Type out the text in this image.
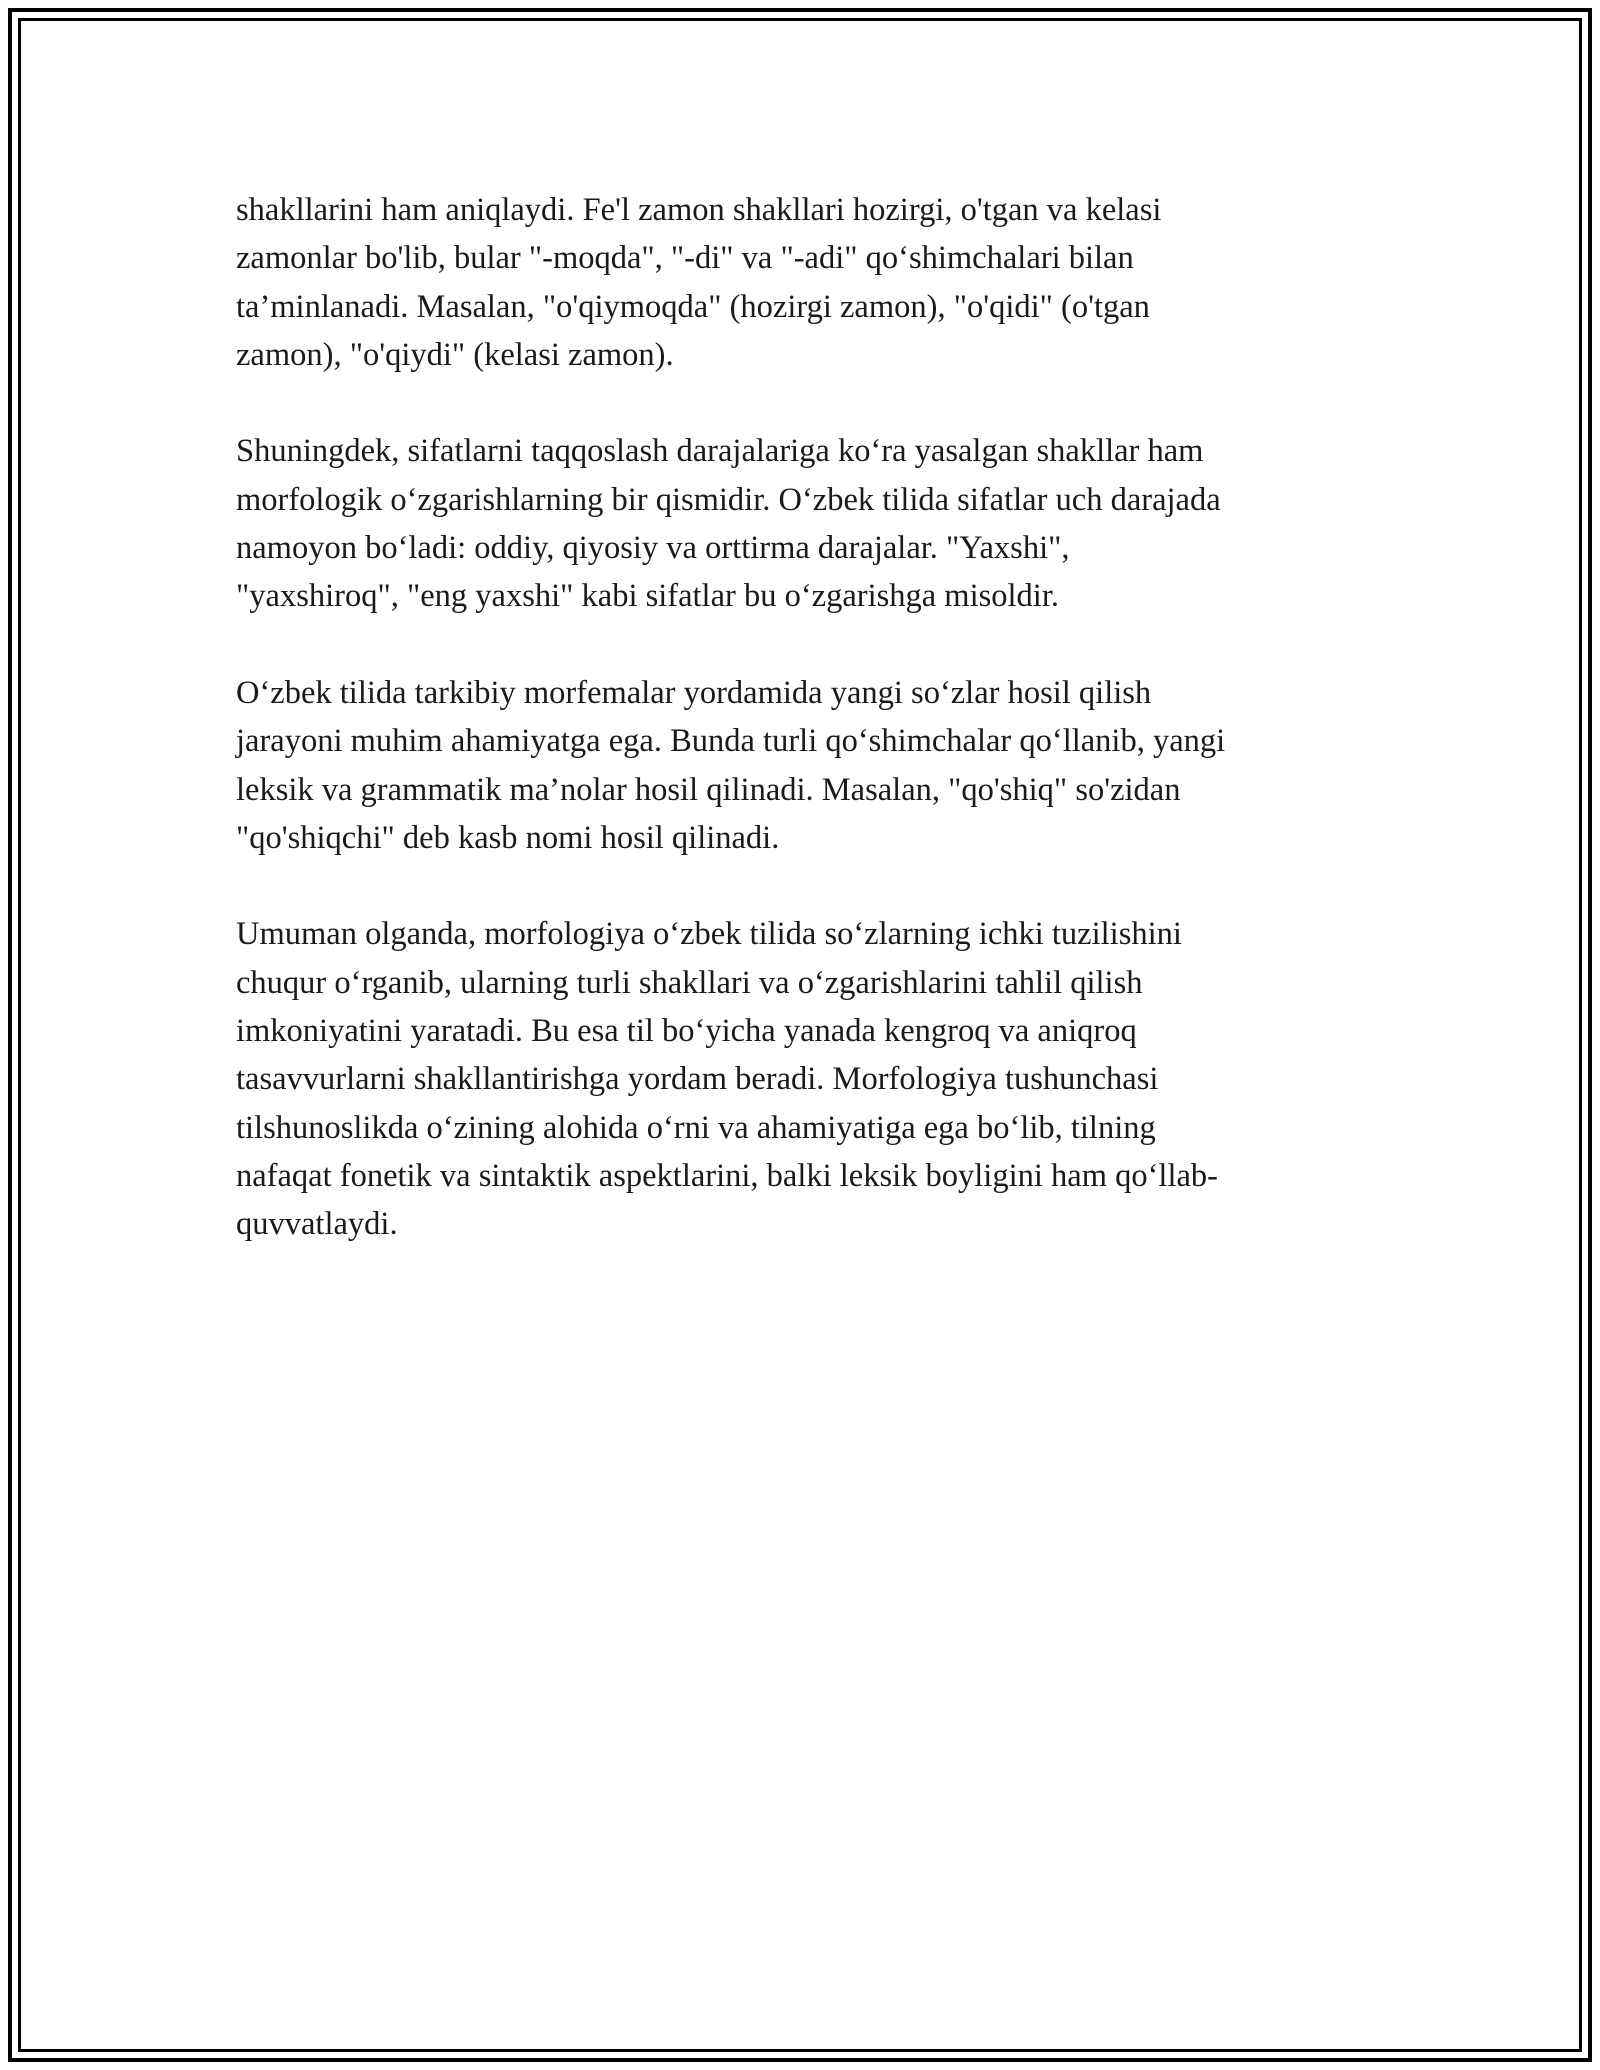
shakllarini ham aniqlaydi. Fe'l zamon shakllari hozirgi, o'tgan va kelasi
zamonlar bo'lib, bular "-moqda", "-di" va "-adi" qo‘shimchalari bilan
ta’minlanadi. Masalan, "o'qiymoqda" (hozirgi zamon), "o'qidi" (o'tgan
zamon), "o'qiydi" (kelasi zamon).

Shuningdek, sifatlarni taqqoslash darajalariga ko‘ra yasalgan shakllar ham
morfologik o‘zgarishlarning bir qismidir. O‘zbek tilida sifatlar uch darajada
namoyon bo‘ladi: oddiy, qiyosiy va orttirma darajalar. "Yaxshi",
"yaxshiroq", "eng yaxshi" kabi sifatlar bu o‘zgarishga misoldir.

O‘zbek tilida tarkibiy morfemalar yordamida yangi so‘zlar hosil qilish
jarayoni muhim ahamiyatga ega. Bunda turli qo‘shimchalar qo‘llanib, yangi
leksik va grammatik ma’nolar hosil qilinadi. Masalan, "qo'shiq" so'zidan
"qo'shiqchi" deb kasb nomi hosil qilinadi.

Umuman olganda, morfologiya o‘zbek tilida so‘zlarning ichki tuzilishini
chuqur o‘rganib, ularning turli shakllari va o‘zgarishlarini tahlil qilish
imkoniyatini yaratadi. Bu esa til bo‘yicha yanada kengroq va aniqroq
tasavvurlarni shakllantirishga yordam beradi. Morfologiya tushunchasi
tilshunoslikda o‘zining alohida o‘rni va ahamiyatiga ega bo‘lib, tilning
nafaqat fonetik va sintaktik aspektlarini, balki leksik boyligini ham qo‘llab-
quvvatlaydi.
